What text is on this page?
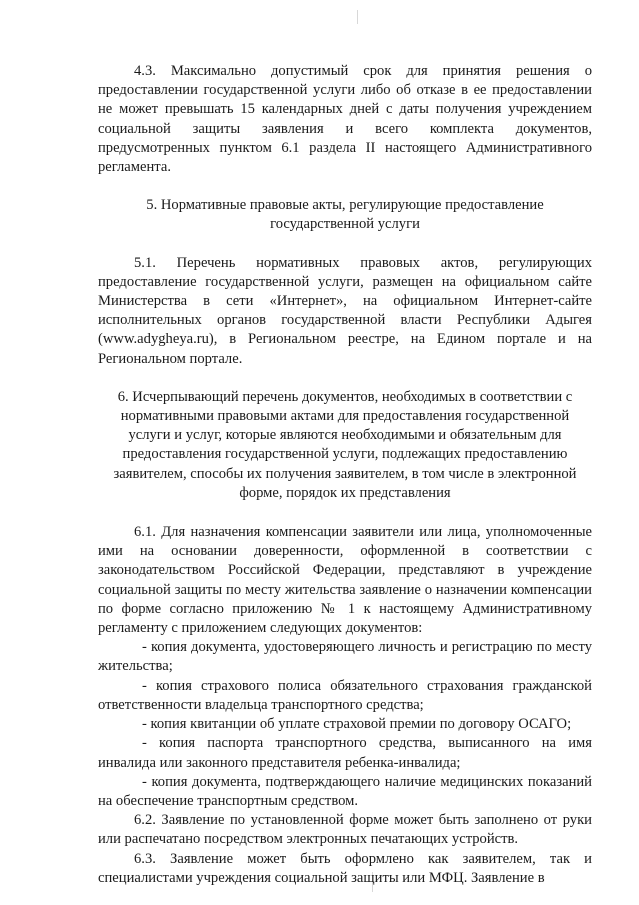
4.3. Максимально допустимый срок для принятия решения о предоставлении государственной услуги либо об отказе в ее предоставлении не может превышать 15 календарных дней с даты получения учреждением социальной защиты заявления и всего комплекта документов, предусмотренных пунктом 6.1 раздела II настоящего Административного регламента.

5. Нормативные правовые акты, регулирующие предоставление государственной услуги

5.1. Перечень нормативных правовых актов, регулирующих предоставление государственной услуги, размещен на официальном сайте Министерства в сети «Интернет», на официальном Интернет-сайте исполнительных органов государственной власти Республики Адыгея (www.adygheya.ru), в Региональном реестре, на Едином портале и на Региональном портале.

6. Исчерпывающий перечень документов, необходимых в соответствии с нормативными правовыми актами для предоставления государственной услуги и услуг, которые являются необходимыми и обязательным для предоставления государственной услуги, подлежащих предоставлению заявителем, способы их получения заявителем, в том числе в электронной форме, порядок их представления

6.1. Для назначения компенсации заявители или лица, уполномоченные ими на основании доверенности, оформленной в соответствии с законодательством Российской Федерации, представляют в учреждение социальной защиты по месту жительства заявление о назначении компенсации по форме согласно приложению № 1 к настоящему Административному регламенту с приложением следующих документов:

- копия документа, удостоверяющего личность и регистрацию по месту жительства;

- копия страхового полиса обязательного страхования гражданской ответственности владельца транспортного средства;

- копия квитанции об уплате страховой премии по договору ОСАГО;

- копия паспорта транспортного средства, выписанного на имя инвалида или законного представителя ребенка-инвалида;

- копия документа, подтверждающего наличие медицинских показаний на обеспечение транспортным средством.

6.2. Заявление по установленной форме может быть заполнено от руки или распечатано посредством электронных печатающих устройств.

6.3. Заявление может быть оформлено как заявителем, так и специалистами учреждения социальной защиты или МФЦ. Заявление в
